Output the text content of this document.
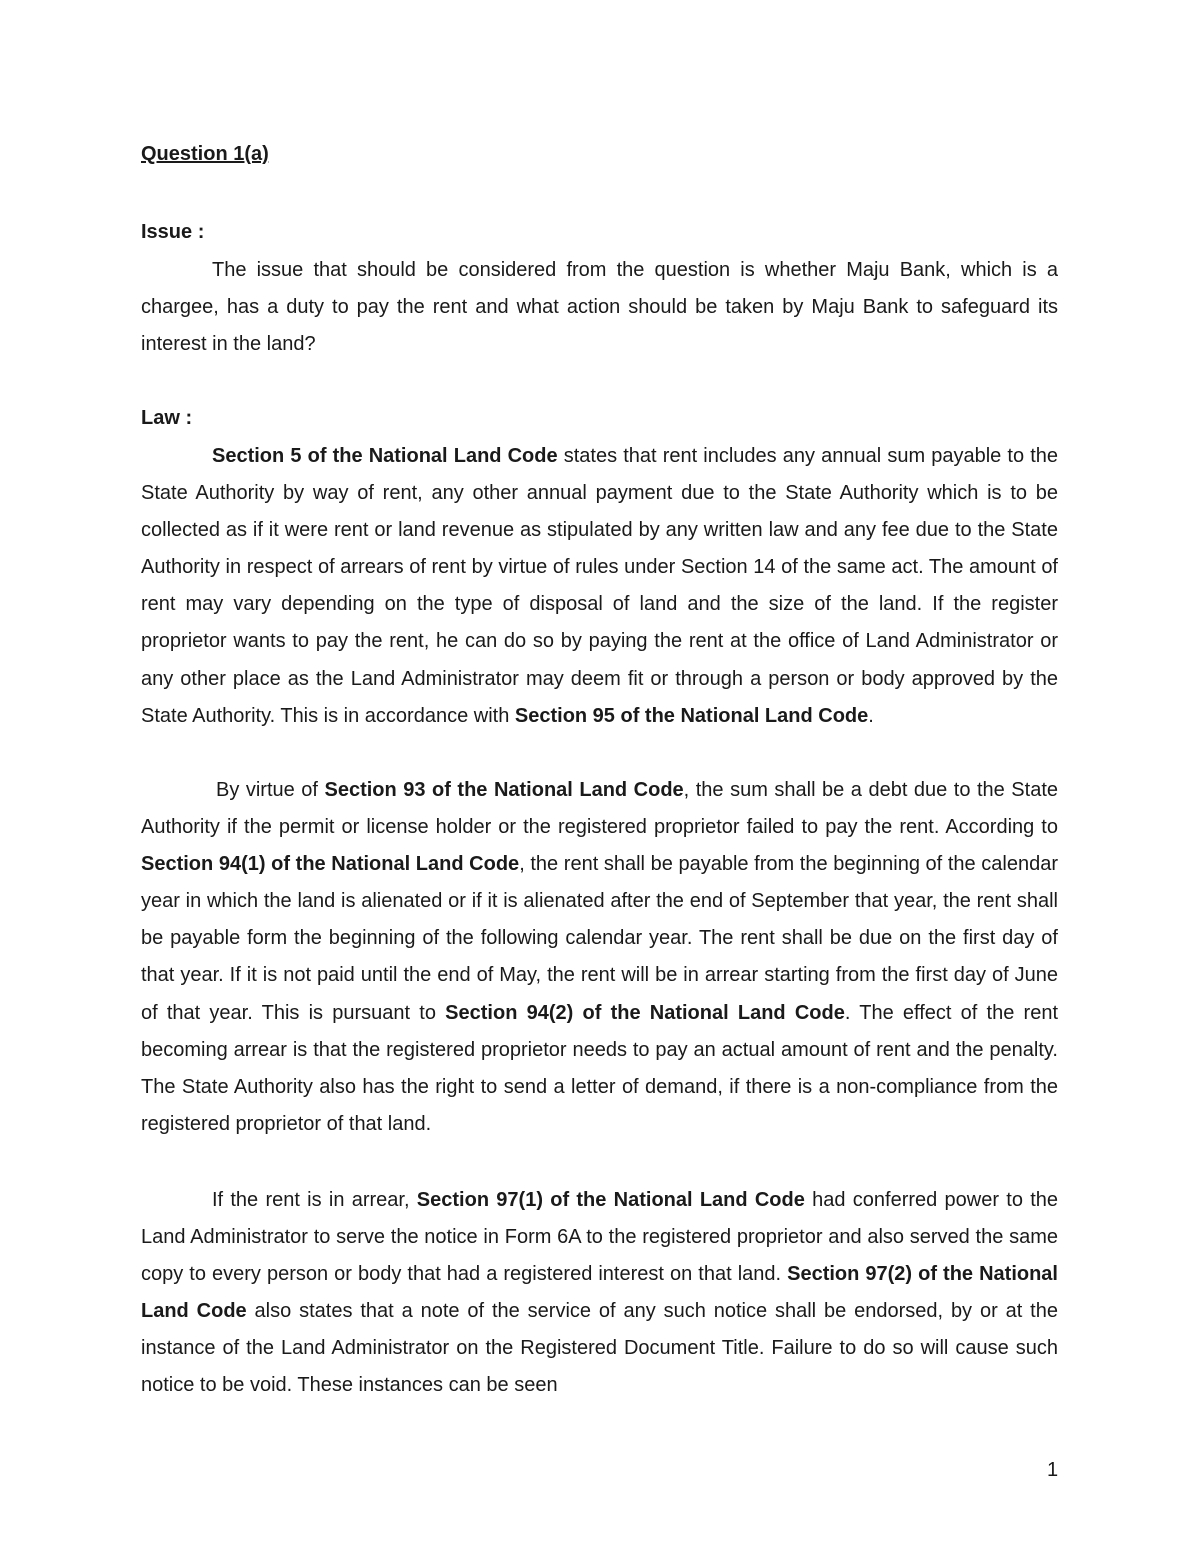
Question 1(a)

Issue :

The issue that should be considered from the question is whether Maju Bank, which is a chargee, has a duty to pay the rent and what action should be taken by Maju Bank to safeguard its interest in the land?

Law :

Section 5 of the National Land Code states that rent includes any annual sum payable to the State Authority by way of rent, any other annual payment due to the State Authority which is to be collected as if it were rent or land revenue as stipulated by any written law and any fee due to the State Authority in respect of arrears of rent by virtue of rules under Section 14 of the same act. The amount of rent may vary depending on the type of disposal of land and the size of the land. If the register proprietor wants to pay the rent, he can do so by paying the rent at the office of Land Administrator or any other place as the Land Administrator may deem fit or through a person or body approved by the State Authority. This is in accordance with Section 95 of the National Land Code.

By virtue of Section 93 of the National Land Code, the sum shall be a debt due to the State Authority if the permit or license holder or the registered proprietor failed to pay the rent. According to Section 94(1) of the National Land Code, the rent shall be payable from the beginning of the calendar year in which the land is alienated or if it is alienated after the end of September that year, the rent shall be payable form the beginning of the following calendar year. The rent shall be due on the first day of that year. If it is not paid until the end of May, the rent will be in arrear starting from the first day of June of that year. This is pursuant to Section 94(2) of the National Land Code. The effect of the rent becoming arrear is that the registered proprietor needs to pay an actual amount of rent and the penalty. The State Authority also has the right to send a letter of demand, if there is a non-compliance from the registered proprietor of that land.

If the rent is in arrear, Section 97(1) of the National Land Code had conferred power to the Land Administrator to serve the notice in Form 6A to the registered proprietor and also served the same copy to every person or body that had a registered interest on that land. Section 97(2) of the National Land Code also states that a note of the service of any such notice shall be endorsed, by or at the instance of the Land Administrator on the Registered Document Title. Failure to do so will cause such notice to be void. These instances can be seen

1
